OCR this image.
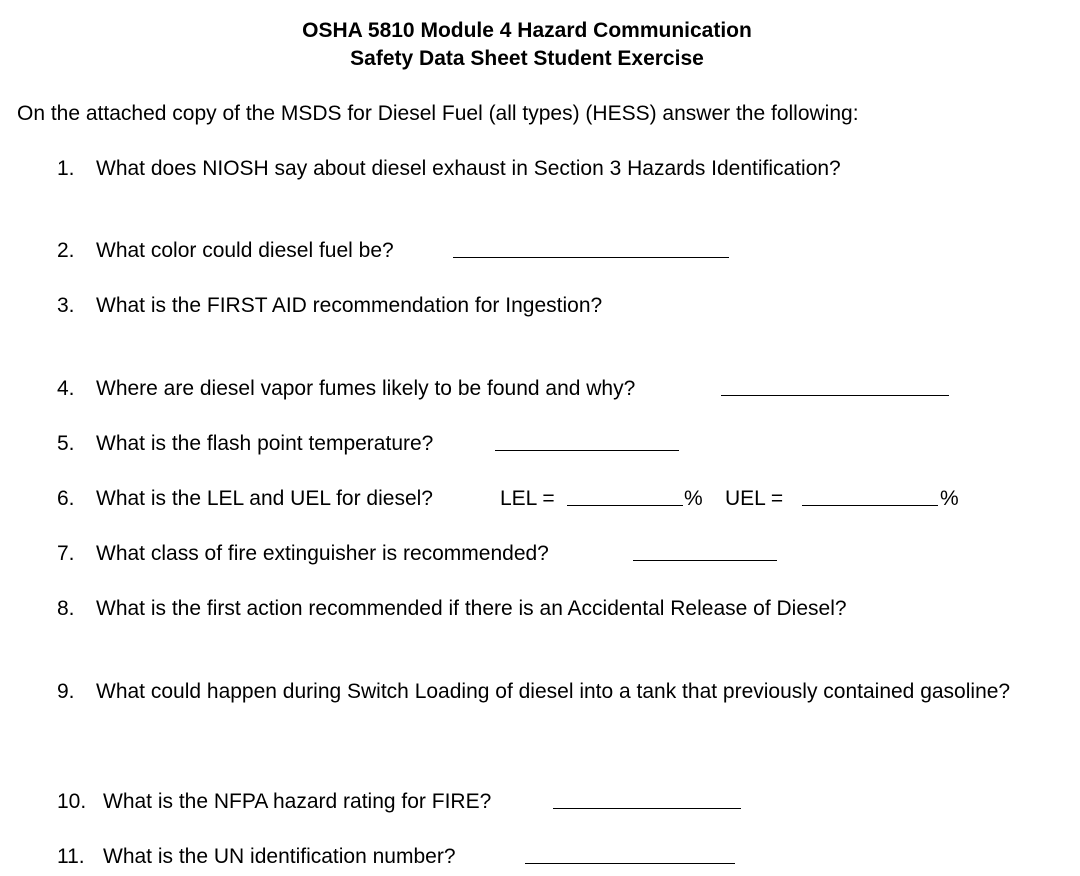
OSHA 5810 Module 4 Hazard Communication
Safety Data Sheet Student Exercise
On the attached copy of the MSDS for Diesel Fuel (all types) (HESS) answer the following:
1. What does NIOSH say about diesel exhaust in Section 3 Hazards Identification?
2. What color could diesel fuel be?
3. What is the FIRST AID recommendation for Ingestion?
4. Where are diesel vapor fumes likely to be found and why?
5. What is the flash point temperature?
6. What is the LEL and UEL for diesel?	LEL =	% UEL =	%
7. What class of fire extinguisher is recommended?
8. What is the first action recommended if there is an Accidental Release of Diesel?
9. What could happen during Switch Loading of diesel into a tank that previously contained gasoline?
10. What is the NFPA hazard rating for FIRE?
11. What is the UN identification number?
